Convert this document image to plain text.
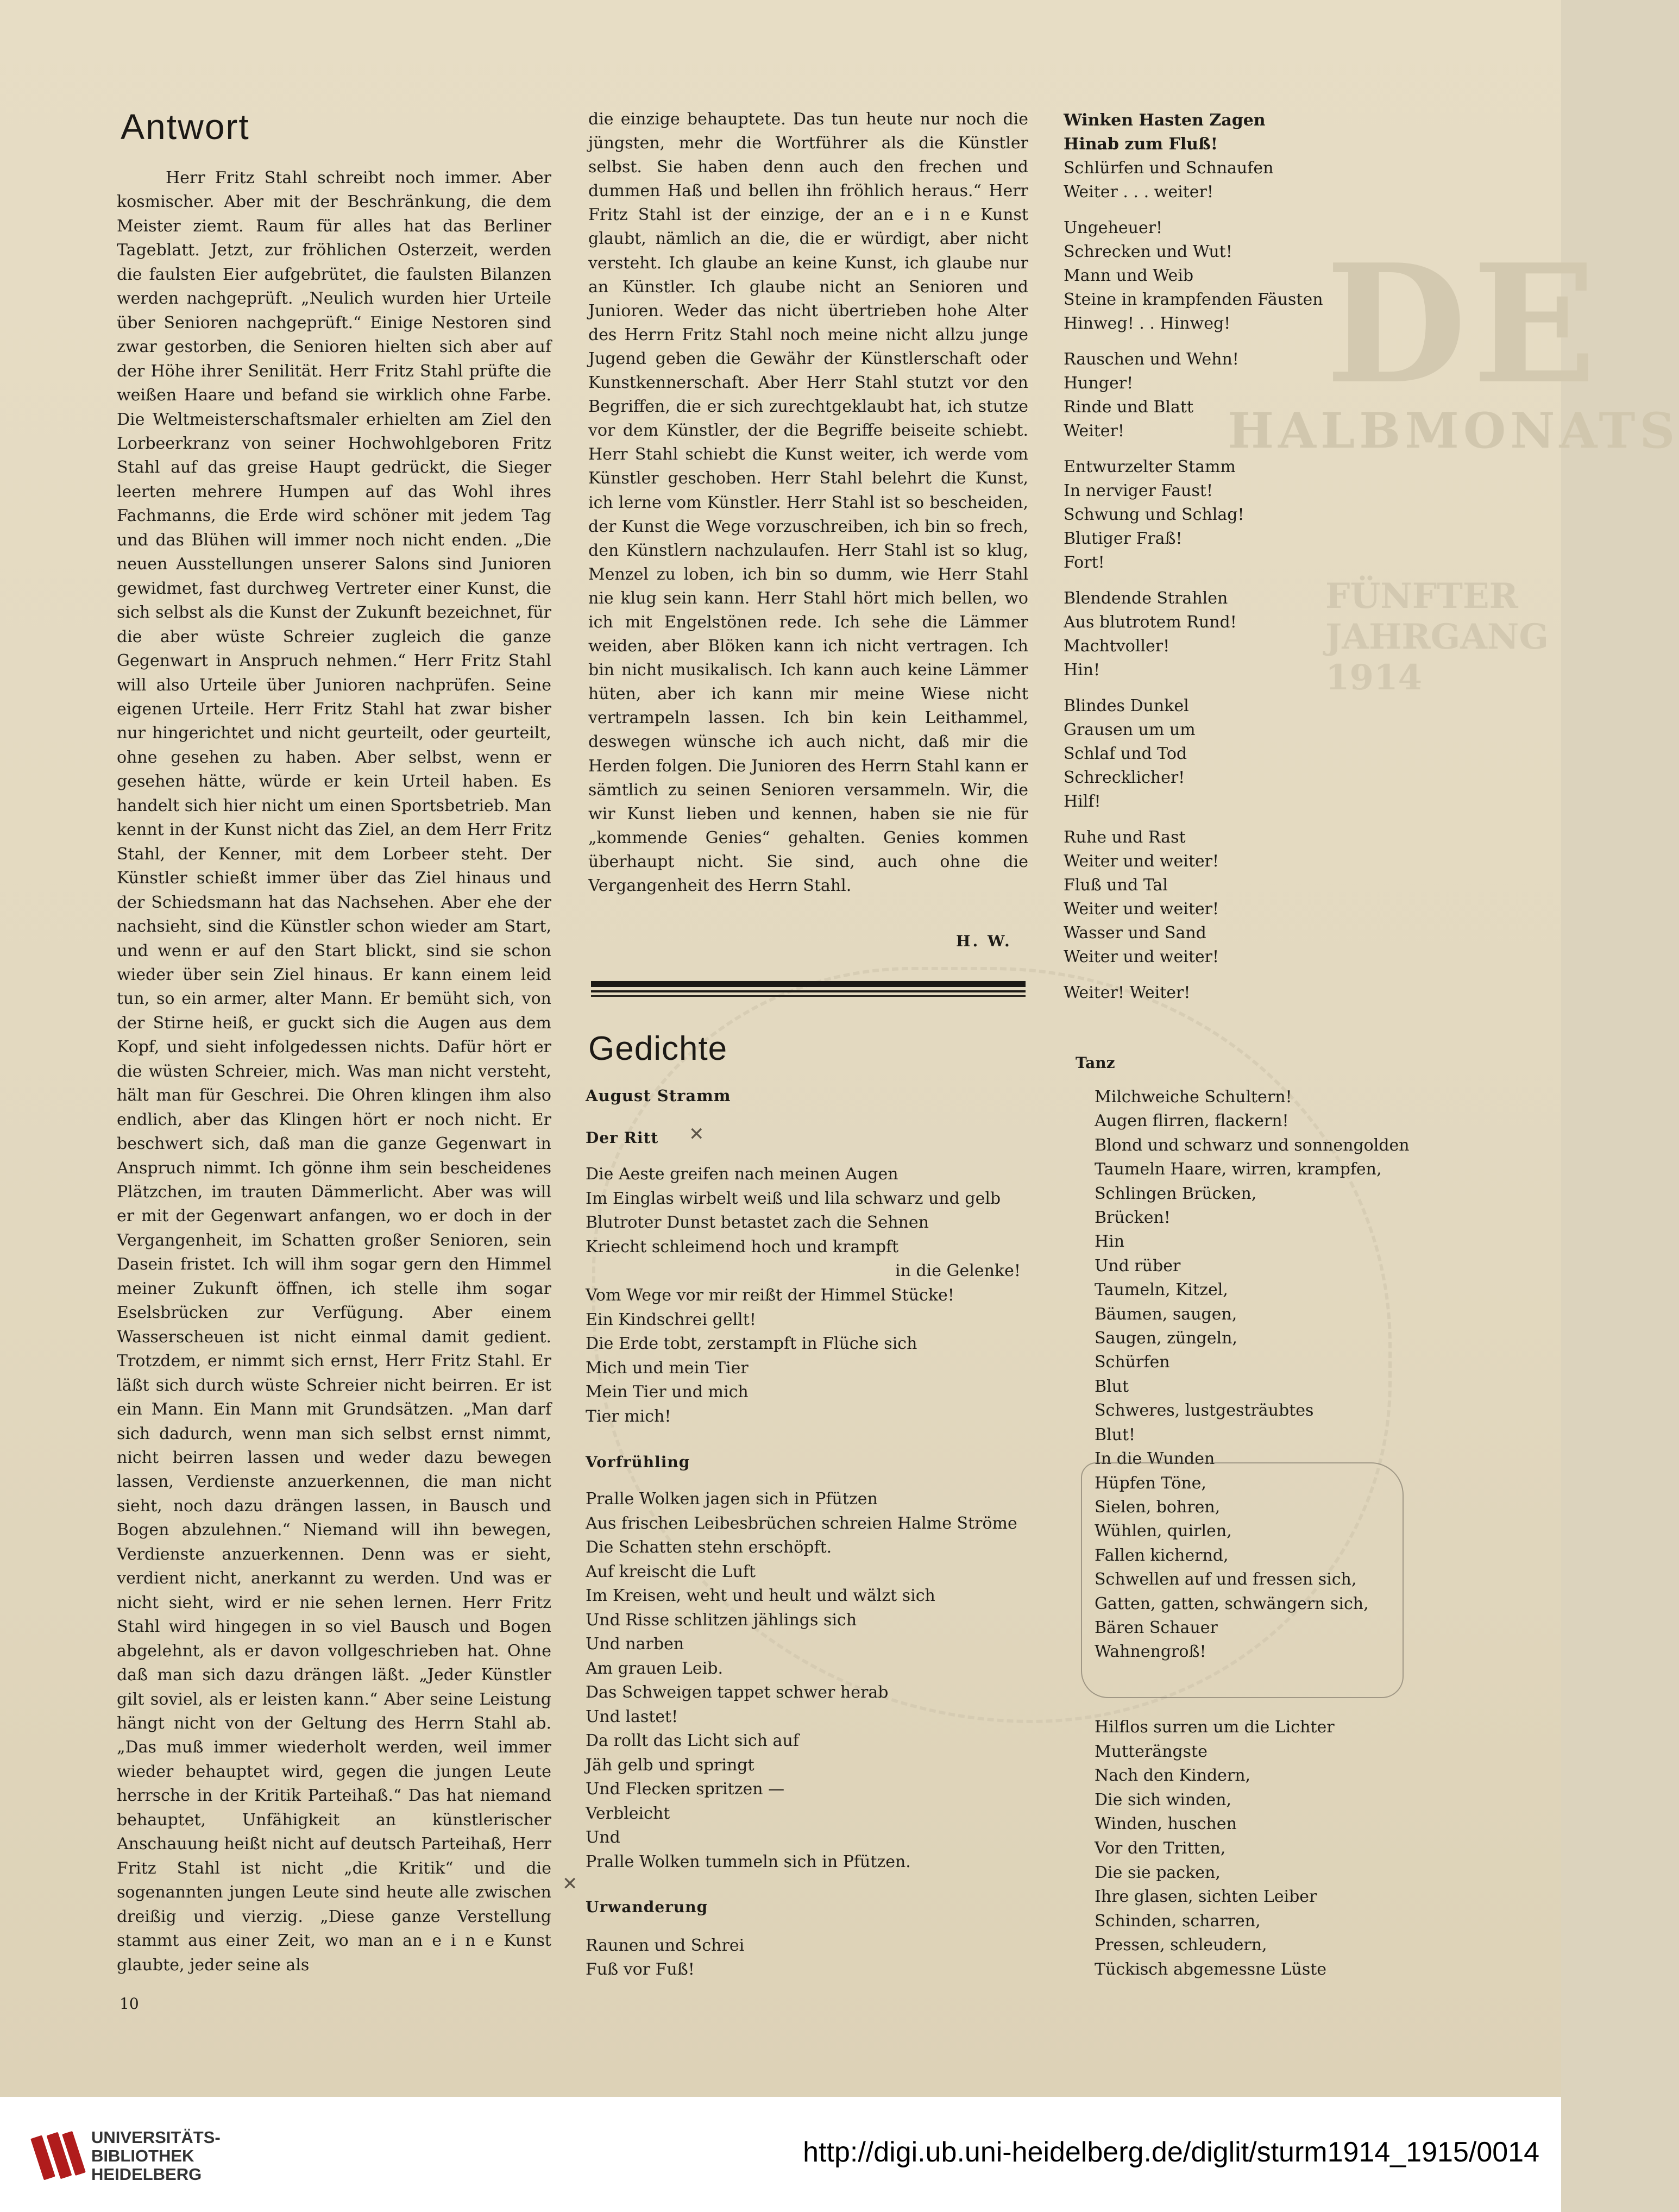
DE
HALBMONATS
FÜNFTER JAHRGANG 1914
Antwort

Herr Fritz Stahl schreibt noch immer. Aber kosmischer. Aber mit der Beschränkung, die dem Meister ziemt. Raum für alles hat das Berliner Tageblatt. Jetzt, zur fröhlichen Osterzeit, werden die faulsten Eier aufgebrütet, die faulsten Bilanzen werden nachgeprüft. „Neulich wurden hier Urteile über Senioren nachgeprüft.“ Einige Nestoren sind zwar gestorben, die Senioren hielten sich aber auf der Höhe ihrer Senilität. Herr Fritz Stahl prüfte die weißen Haare und befand sie wirklich ohne Farbe. Die Weltmeisterschaftsmaler erhielten am Ziel den Lorbeerkranz von seiner Hochwohlgeboren Fritz Stahl auf das greise Haupt gedrückt, die Sieger leerten mehrere Humpen auf das Wohl ihres Fachmanns, die Erde wird schöner mit jedem Tag und das Blühen will immer noch nicht enden. „Die neuen Ausstellungen unserer Salons sind Junioren gewidmet, fast durchweg Vertreter einer Kunst, die sich selbst als die Kunst der Zukunft bezeichnet, für die aber wüste Schreier zugleich die ganze Gegenwart in Anspruch nehmen.“ Herr Fritz Stahl will also Urteile über Junioren nachprüfen. Seine eigenen Urteile. Herr Fritz Stahl hat zwar bisher nur hingerichtet und nicht geurteilt, oder geurteilt, ohne gesehen zu haben. Aber selbst, wenn er gesehen hätte, würde er kein Urteil haben. Es handelt sich hier nicht um einen Sportsbetrieb. Man kennt in der Kunst nicht das Ziel, an dem Herr Fritz Stahl, der Kenner, mit dem Lorbeer steht. Der Künstler schießt immer über das Ziel hinaus und der Schiedsmann hat das Nachsehen. Aber ehe der nachsieht, sind die Künstler schon wieder am Start, und wenn er auf den Start blickt, sind sie schon wieder über sein Ziel hinaus. Er kann einem leid tun, so ein armer, alter Mann. Er bemüht sich, von der Stirne heiß, er guckt sich die Augen aus dem Kopf, und sieht infolgedessen nichts. Dafür hört er die wüsten Schreier, mich. Was man nicht versteht, hält man für Geschrei. Die Ohren klingen ihm also endlich, aber das Klingen hört er noch nicht. Er beschwert sich, daß man die ganze Gegenwart in Anspruch nimmt. Ich gönne ihm sein bescheidenes Plätzchen, im trauten Dämmerlicht. Aber was will er mit der Gegenwart anfangen, wo er doch in der Vergangenheit, im Schatten großer Senioren, sein Dasein fristet. Ich will ihm sogar gern den Himmel meiner Zukunft öffnen, ich stelle ihm sogar Eselsbrücken zur Verfügung. Aber einem Wasserscheuen ist nicht einmal damit gedient. Trotzdem, er nimmt sich ernst, Herr Fritz Stahl. Er läßt sich durch wüste Schreier nicht beirren. Er ist ein Mann. Ein Mann mit Grundsätzen. „Man darf sich dadurch, wenn man sich selbst ernst nimmt, nicht beirren lassen und weder dazu bewegen lassen, Verdienste anzuerkennen, die man nicht sieht, noch dazu drängen lassen, in Bausch und Bogen abzulehnen.“ Niemand will ihn bewegen, Verdienste anzuerkennen. Denn was er sieht, verdient nicht, anerkannt zu werden. Und was er nicht sieht, wird er nie sehen lernen. Herr Fritz Stahl wird hingegen in so viel Bausch und Bogen abgelehnt, als er davon vollgeschrieben hat. Ohne daß man sich dazu drängen läßt. „Jeder Künstler gilt soviel, als er leisten kann.“ Aber seine Leistung hängt nicht von der Geltung des Herrn Stahl ab. „Das muß immer wiederholt werden, weil immer wieder behauptet wird, gegen die jungen Leute herrsche in der Kritik Parteihaß.“ Das hat niemand behauptet, Unfähigkeit an künstlerischer Anschauung heißt nicht auf deutsch Parteihaß, Herr Fritz Stahl ist nicht „die Kritik“ und die sogenannten jungen Leute sind heute alle zwischen dreißig und vierzig. „Diese ganze Verstellung stammt aus einer Zeit, wo man an e i n e Kunst glaubte, jeder seine als

10

die einzige behauptete. Das tun heute nur noch die jüngsten, mehr die Wortführer als die Künstler selbst. Sie haben denn auch den frechen und dummen Haß und bellen ihn fröhlich heraus.“ Herr Fritz Stahl ist der einzige, der an e i n e Kunst glaubt, nämlich an die, die er würdigt, aber nicht versteht. Ich glaube an keine Kunst, ich glaube nur an Künstler. Ich glaube nicht an Senioren und Junioren. Weder das nicht übertrieben hohe Alter des Herrn Fritz Stahl noch meine nicht allzu junge Jugend geben die Gewähr der Künstlerschaft oder Kunstkennerschaft. Aber Herr Stahl stutzt vor den Begriffen, die er sich zurechtgeklaubt hat, ich stutze vor dem Künstler, der die Begriffe beiseite schiebt. Herr Stahl schiebt die Kunst weiter, ich werde vom Künstler geschoben. Herr Stahl belehrt die Kunst, ich lerne vom Künstler. Herr Stahl ist so bescheiden, der Kunst die Wege vorzuschreiben, ich bin so frech, den Künstlern nachzulaufen. Herr Stahl ist so klug, Menzel zu loben, ich bin so dumm, wie Herr Stahl nie klug sein kann. Herr Stahl hört mich bellen, wo ich mit Engelstönen rede. Ich sehe die Lämmer weiden, aber Blöken kann ich nicht vertragen. Ich bin nicht musikalisch. Ich kann auch keine Lämmer hüten, aber ich kann mir meine Wiese nicht vertrampeln lassen. Ich bin kein Leithammel, deswegen wünsche ich auch nicht, daß mir die Herden folgen. Die Junioren des Herrn Stahl kann er sämtlich zu seinen Senioren versammeln. Wir, die wir Kunst lieben und kennen, haben sie nie für „kommende Genies“ gehalten. Genies kommen überhaupt nicht. Sie sind, auch ohne die Vergangenheit des Herrn Stahl.

H. W.
Gedichte
August Stramm
Der Ritt ✕
Die Aeste greifen nach meinen Augen
Im Einglas wirbelt weiß und lila schwarz und gelb
Blutroter Dunst betastet zach die Sehnen
Kriecht schleimend hoch und krampft
in die Gelenke!
Vom Wege vor mir reißt der Himmel Stücke!
Ein Kindschrei gellt!
Die Erde tobt, zerstampft in Flüche sich
Mich und mein Tier
Mein Tier und mich
Tier mich!
Vorfrühling
Pralle Wolken jagen sich in Pfützen
Aus frischen Leibesbrüchen schreien Halme Ströme
Die Schatten stehn erschöpft.
Auf kreischt die Luft
Im Kreisen, weht und heult und wälzt sich
Und Risse schlitzen jählings sich
Und narben
Am grauen Leib.
Das Schweigen tappet schwer herab
Und lastet!
Da rollt das Licht sich auf
Jäh gelb und springt
Und Flecken spritzen —
Verbleicht
Und
Pralle Wolken tummeln sich in Pfützen.
✕
Urwanderung
Raunen und Schrei
Fuß vor Fuß!
Winken Hasten Zagen
Hinab zum Fluß!
Schlürfen und Schnaufen
Weiter . . . weiter!
Ungeheuer!
Schrecken und Wut!
Mann und Weib
Steine in krampfenden Fäusten
Hinweg! . . Hinweg!
Rauschen und Wehn!
Hunger!
Rinde und Blatt
Weiter!
Entwurzelter Stamm
In nerviger Faust!
Schwung und Schlag!
Blutiger Fraß!
Fort!
Blendende Strahlen
Aus blutrotem Rund!
Machtvoller!
Hin!
Blindes Dunkel
Grausen um um
Schlaf und Tod
Schrecklicher!
Hilf!
Ruhe und Rast
Weiter und weiter!
Fluß und Tal
Weiter und weiter!
Wasser und Sand
Weiter und weiter!
Weiter! Weiter!
Tanz
Milchweiche Schultern!
Augen flirren, flackern!
Blond und schwarz und sonnengolden
Taumeln Haare, wirren, krampfen,
Schlingen Brücken,
Brücken!
Hin
Und rüber
Taumeln, Kitzel,
Bäumen, saugen,
Saugen, züngeln,
Schürfen
Blut
Schweres, lustgesträubtes
Blut!
In die Wunden
Hüpfen Töne,
Sielen, bohren,
Wühlen, quirlen,
Fallen kichernd,
Schwellen auf und fressen sich,
Gatten, gatten, schwängern sich,
Bären Schauer
Wahnengroß!
Hilflos surren um die Lichter
Mutterängste
Nach den Kindern,
Die sich winden,
Winden, huschen
Vor den Tritten,
Die sie packen,
Ihre glasen, sichten Leiber
Schinden, scharren,
Pressen, schleudern,
Tückisch abgemessne Lüste
UNIVERSITÄTS-
BIBLIOTHEK
HEIDELBERG
http://digi.ub.uni-heidelberg.de/diglit/sturm1914_1915/0014
